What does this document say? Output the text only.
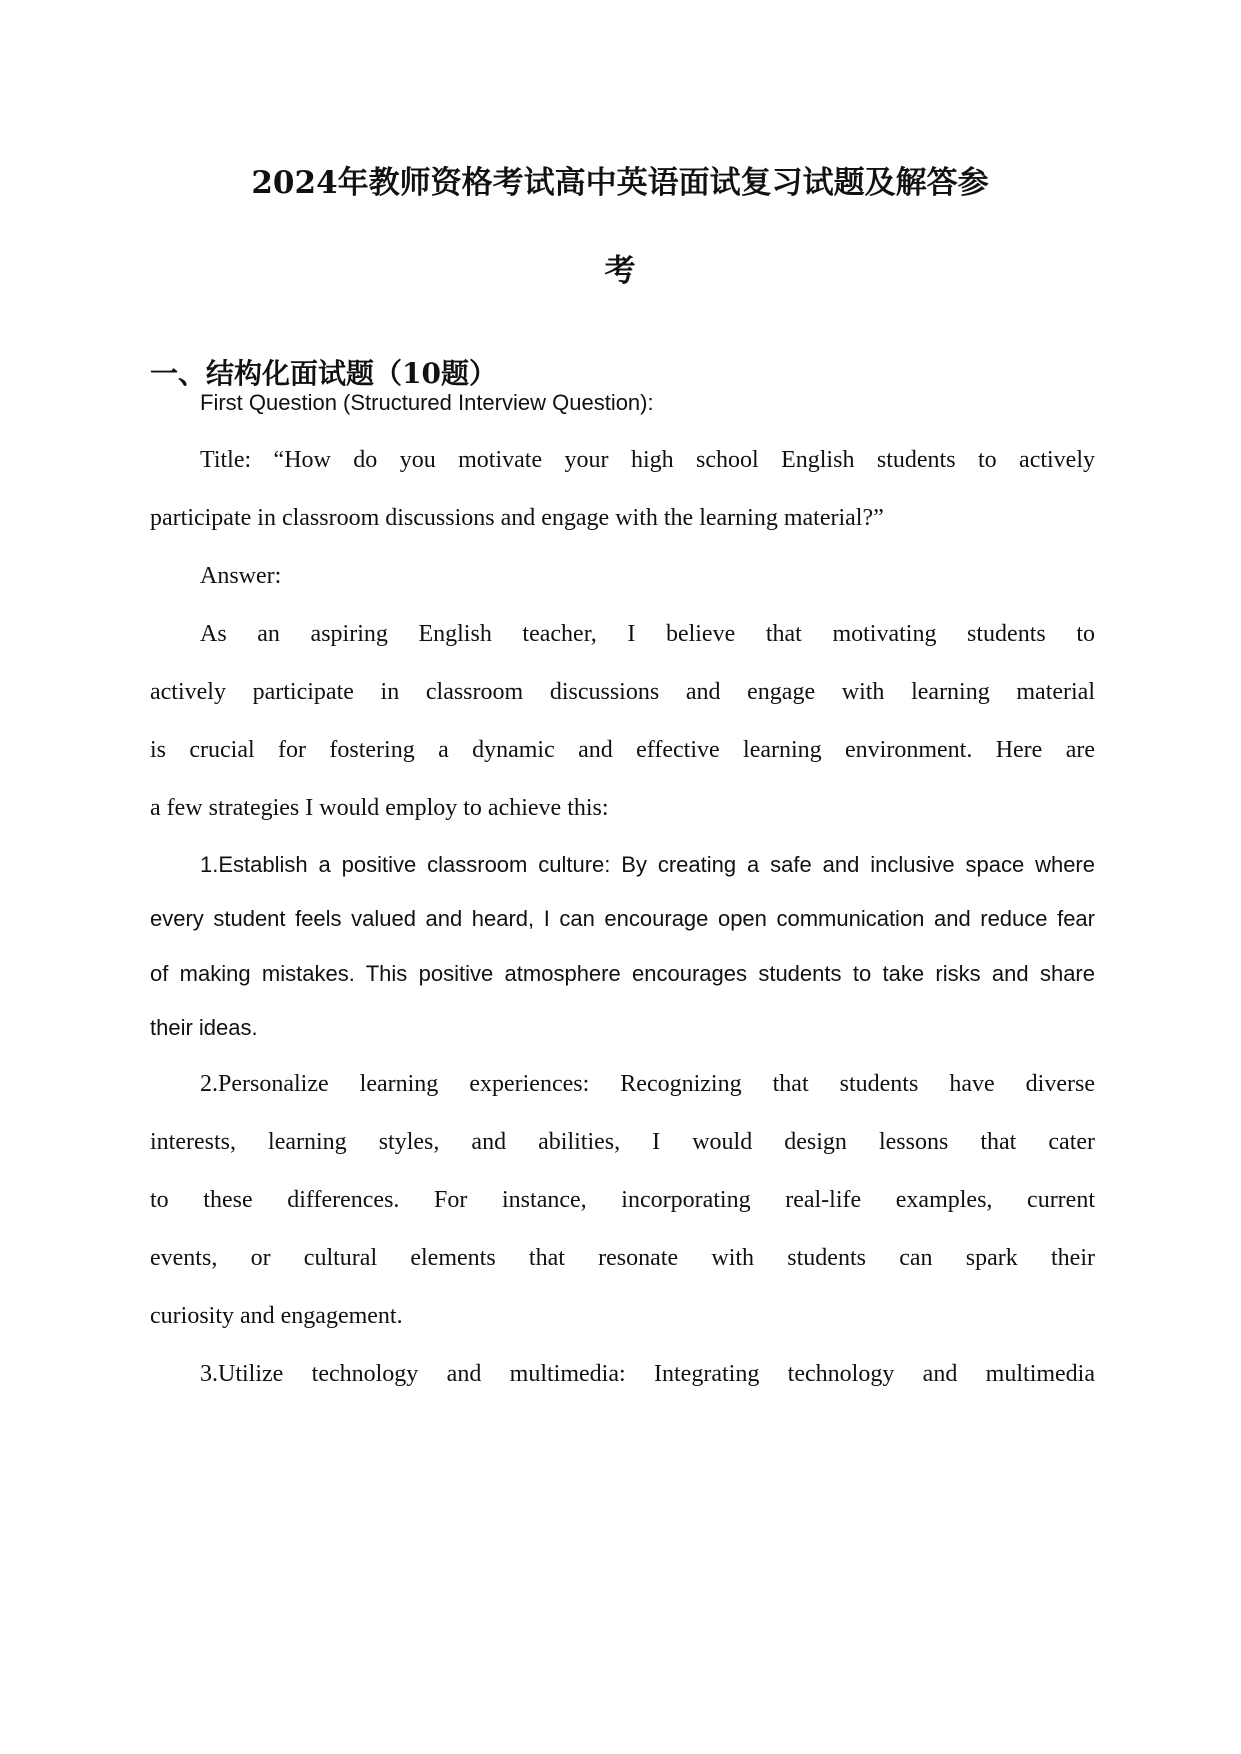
2024年教师资格考试高中英语面试复习试题及解答参
考
一、结构化面试题（10题）

First Question (Structured Interview Question):

Title: “How do you motivate your high school English students to actively

participate in classroom discussions and engage with the learning material?”

Answer:

As an aspiring English teacher, I believe that motivating students to

actively participate in classroom discussions and engage with learning material

is crucial for fostering a dynamic and effective learning environment. Here are

a few strategies I would employ to achieve this:

1.Establish a positive classroom culture: By creating a safe and inclusive space where

every student feels valued and heard, I can encourage open communication and reduce fear

of making mistakes. This positive atmosphere encourages students to take risks and share

their ideas.

2.Personalize learning experiences: Recognizing that students have diverse

interests, learning styles, and abilities, I would design lessons that cater

to these differences. For instance, incorporating real-life examples, current

events, or cultural elements that resonate with students can spark their

curiosity and engagement.

3.Utilize technology and multimedia: Integrating technology and multimedia
